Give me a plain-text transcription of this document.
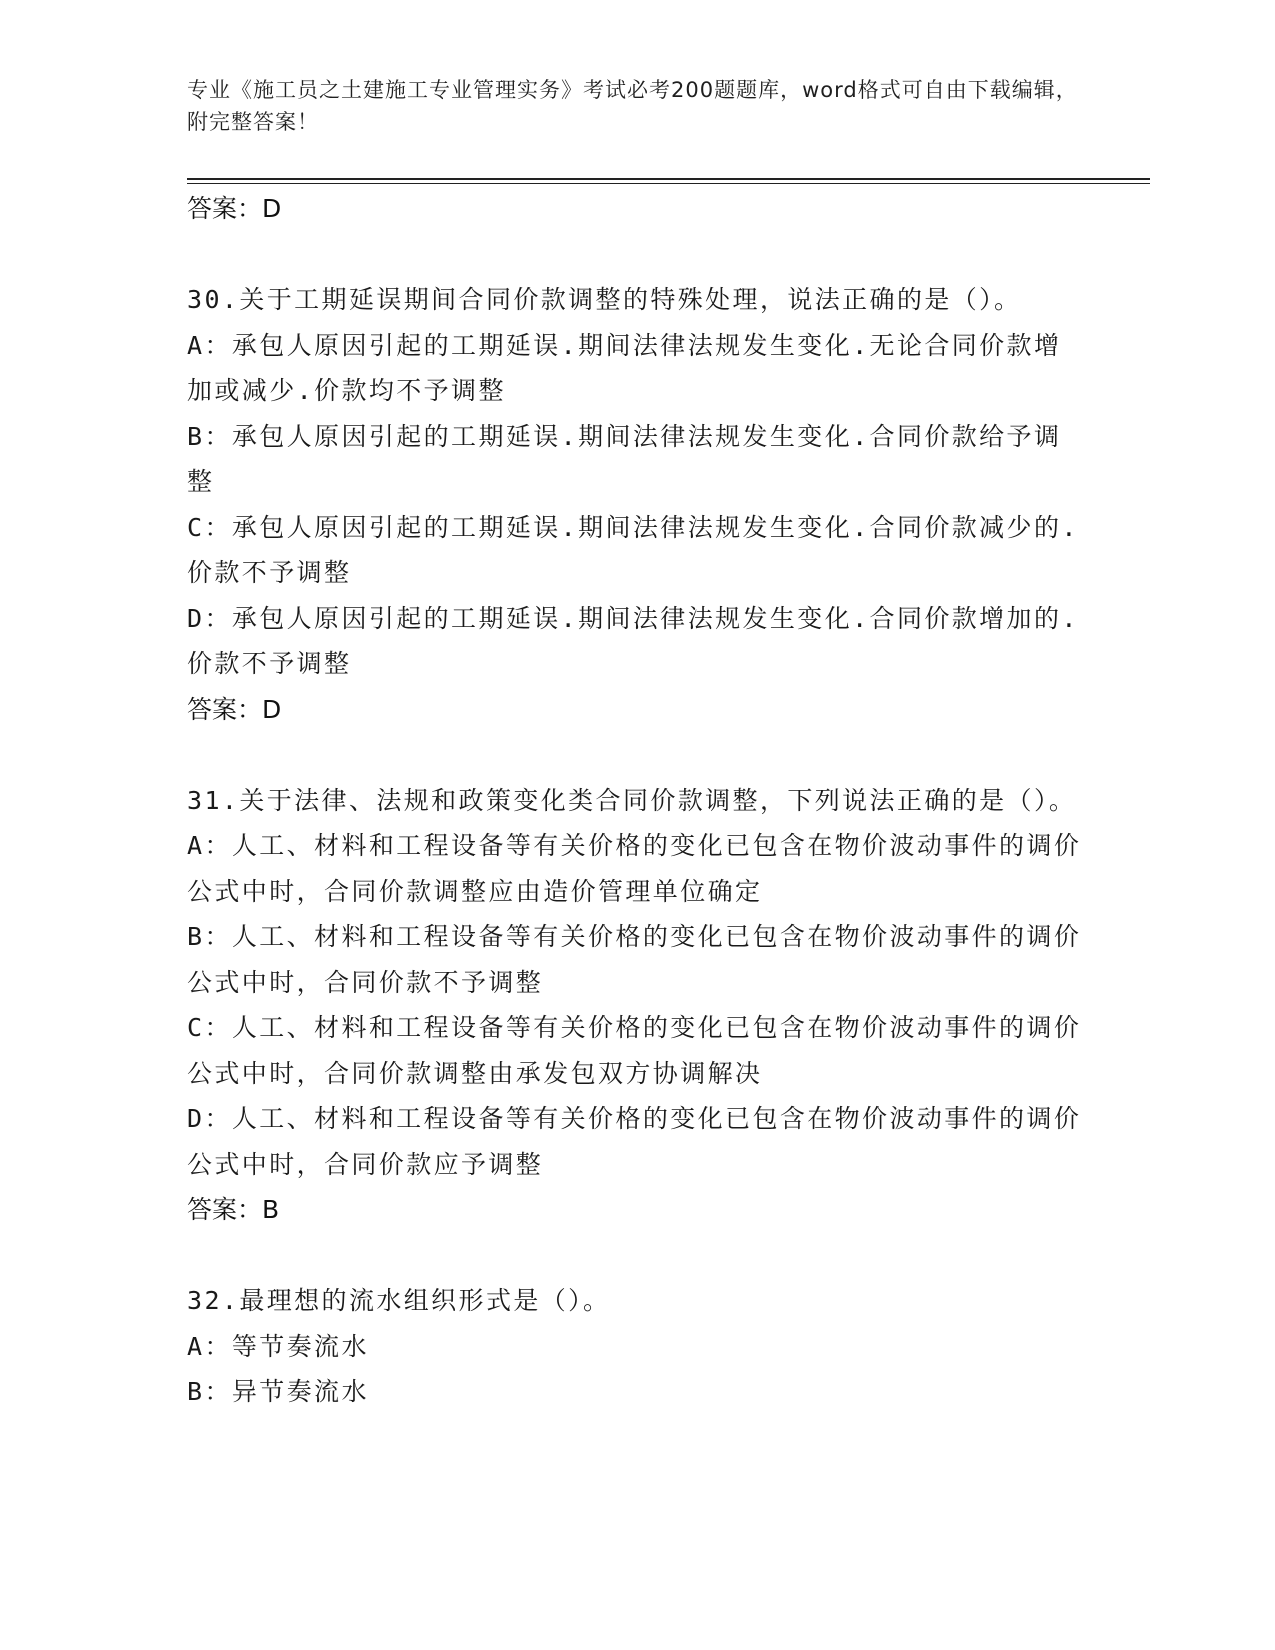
专业《施工员之土建施工专业管理实务》考试必考200题题库，word格式可自由下载编辑，附完整答案！

答案：D

30.关于工期延误期间合同价款调整的特殊处理，说法正确的是（）。

A：承包人原因引起的工期延误.期间法律法规发生变化.无论合同价款增加或减少.价款均不予调整

B：承包人原因引起的工期延误.期间法律法规发生变化.合同价款给予调整

C：承包人原因引起的工期延误.期间法律法规发生变化.合同价款减少的.价款不予调整

D：承包人原因引起的工期延误.期间法律法规发生变化.合同价款增加的.价款不予调整

答案：D

31.关于法律、法规和政策变化类合同价款调整，下列说法正确的是（）。

A：人工、材料和工程设备等有关价格的变化已包含在物价波动事件的调价公式中时，合同价款调整应由造价管理单位确定

B：人工、材料和工程设备等有关价格的变化已包含在物价波动事件的调价公式中时，合同价款不予调整

C：人工、材料和工程设备等有关价格的变化已包含在物价波动事件的调价公式中时，合同价款调整由承发包双方协调解决

D：人工、材料和工程设备等有关价格的变化已包含在物价波动事件的调价公式中时，合同价款应予调整

答案：B

32.最理想的流水组织形式是（）。

A：等节奏流水

B：异节奏流水
